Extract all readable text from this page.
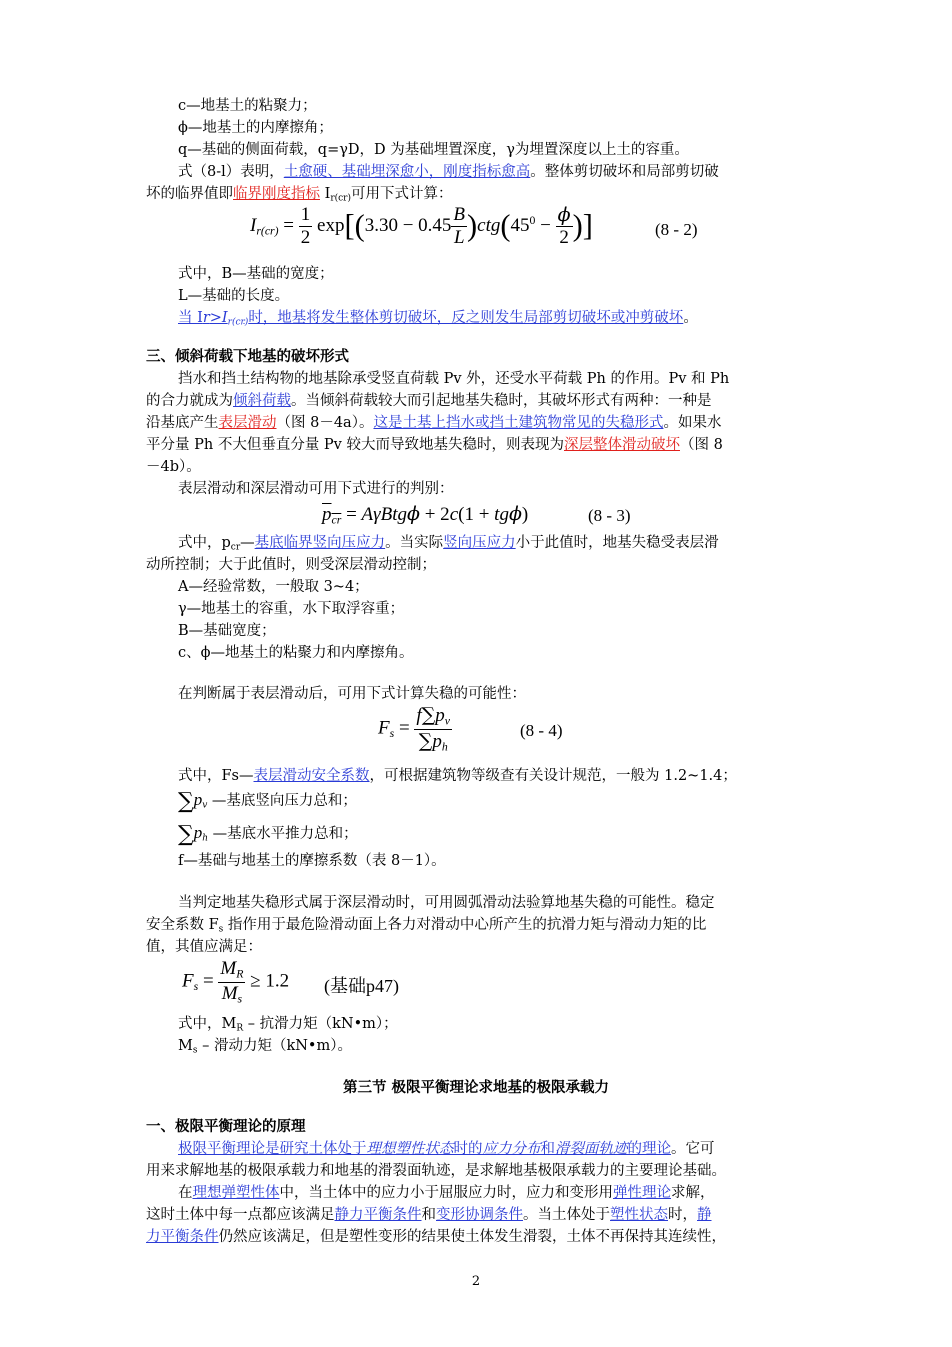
c—地基土的粘聚力；
ϕ—地基土的内摩擦角；
q—基础的侧面荷载，q=γD，D 为基础埋置深度，γ为埋置深度以上土的容重。
式（8-l）表明，土愈硬、基础埋深愈小，刚度指标愈高。整体剪切破坏和局部剪切破
坏的临界值即临界刚度指标 $I_{r(cr)}$可用下式计算：
$I_{r(cr)} = \frac{1}{2} \exp[(3.30 - 0.45 \frac{B}{L} )ctg(45^0 - \frac{\phi}{2}$ )]	(8 - 2)
式中，B—基础的宽度；
L—基础的长度。
当 $Ir>I_{r(cr)}$时，地基将发生整体剪切破坏，反之则发生局部剪切破坏或冲剪破坏。
三、倾斜荷载下地基的破坏形式
挡水和挡土结构物的地基除承受竖直荷载 Pv 外，还受水平荷载 Ph 的作用。Pv 和 Ph
的合力就成为倾斜荷载。当倾斜荷载较大而引起地基失稳时，其破坏形式有两种：一种是
沿基底产生表层滑动（图 8－4a）。这是土基上挡水或挡土建筑物常见的失稳形式。如果水
平分量 Ph 不大但垂直分量 Pv 较大而导致地基失稳时，则表现为深层整体滑动破坏（图 8
－4b）。
表层滑动和深层滑动可用下式进行的判别：
$p_{cr} = A\gamma Btg\phi + 2c(1 + tg\phi)$	(8 - 3)
式中，$p_{cr}—$基底临界竖向压应力。当实际竖向压应力小于此值时，地基失稳受表层滑
动所控制；大于此值时，则受深层滑动控制；
A—经验常数，一般取 3~4；
γ—地基土的容重，水下取浮容重；
B—基础宽度；
c、ϕ—地基土的粘聚力和内摩擦角。
在判断属于表层滑动后，可用下式计算失稳的可能性：
$F_s = \frac{f\sum p_v}{\sum p_h}$	(8 - 4)
式中，Fs—表层滑动安全系数，可根据建筑物等级查有关设计规范，一般为 1.2~1.4；
$\sum p_v$ —基底竖向压力总和；
$\sum p_h$ —基底水平推力总和；
f—基础与地基土的摩擦系数（表 8－1）。
当判定地基失稳形式属于深层滑动时，可用圆弧滑动法验算地基失稳的可能性。稳定
安全系数 $F_s$ 指作用于最危险滑动面上各力对滑动中心所产生的抗滑力矩与滑动力矩的比
值，其值应满足：
$F_s = \frac{M_R}{M_s} \ge 1.2$ (基础p47)
式中，$M_R$ – 抗滑力矩（kN•m）；
$M_s$ – 滑动力矩（kN•m）。
第三节 极限平衡理论求地基的极限承载力
一、极限平衡理论的原理
极限平衡理论是研究土体处于理想塑性状态时的应力分布和滑裂面轨迹的理论。它可
用来求解地基的极限承载力和地基的滑裂面轨迹，是求解地基极限承载力的主要理论基础。
在理想弹塑性体中，当土体中的应力小于屈服应力时，应力和变形用弹性理论求解，
这时土体中每一点都应该满足静力平衡条件和变形协调条件。当土体处于塑性状态时，静
力平衡条件仍然应该满足，但是塑性变形的结果使土体发生滑裂，土体不再保持其连续性，
2
